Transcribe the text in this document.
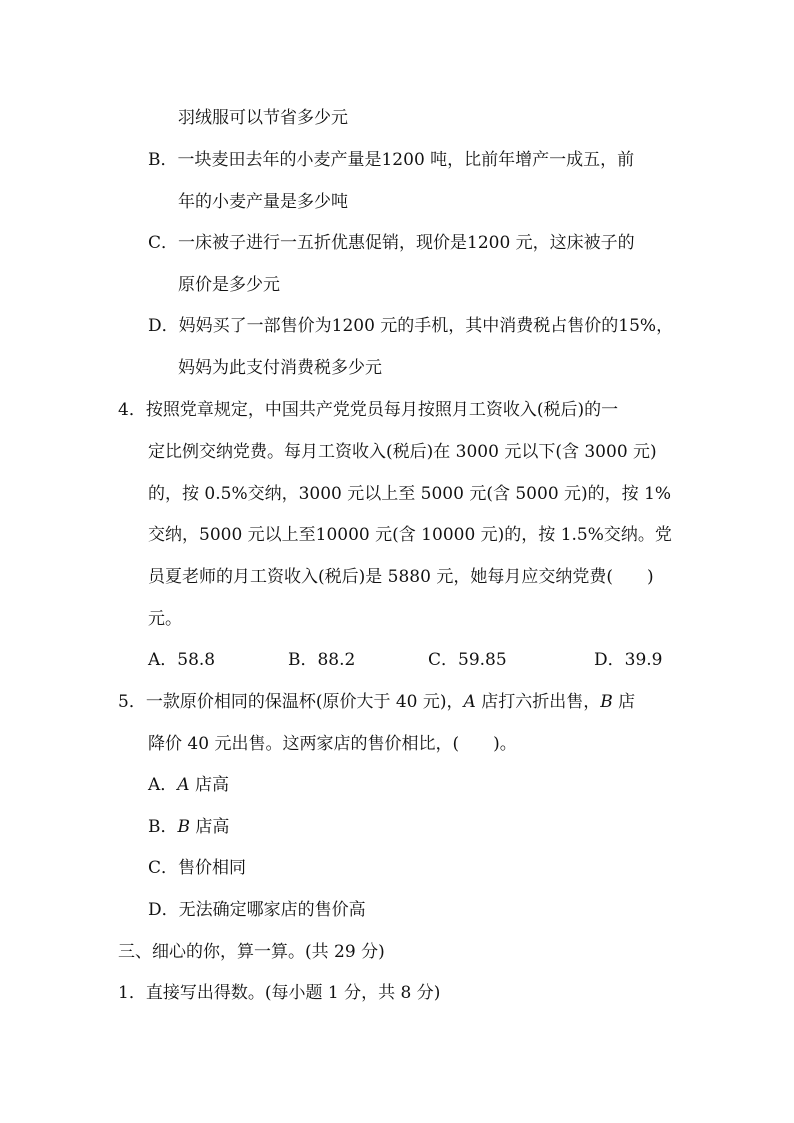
羽绒服可以节省多少元
B．一块麦田去年的小麦产量是1200 吨，比前年增产一成五，前
年的小麦产量是多少吨
C．一床被子进行一五折优惠促销，现价是1200 元，这床被子的
原价是多少元
D．妈妈买了一部售价为1200 元的手机，其中消费税占售价的15%，
妈妈为此支付消费税多少元
4．按照党章规定，中国共产党党员每月按照月工资收入(税后)的一
定比例交纳党费。每月工资收入(税后)在 3000 元以下(含 3000 元)
的，按 0.5%交纳，3000 元以上至 5000 元(含 5000 元)的，按 1%
交纳，5000 元以上至10000 元(含 10000 元)的，按 1.5%交纳。党
员夏老师的月工资收入(税后)是 5880 元，她每月应交纳党费(　　)
元。
A．58.8	B．88.2	C．59.85	D．39.9
5．一款原价相同的保温杯(原价大于 40 元)，A 店打六折出售，B 店
降价 40 元出售。这两家店的售价相比，(　　)。
A．A 店高
B．B 店高
C．售价相同
D．无法确定哪家店的售价高
三、细心的你，算一算。(共 29 分)
1．直接写出得数。(每小题 1 分，共 8 分)
